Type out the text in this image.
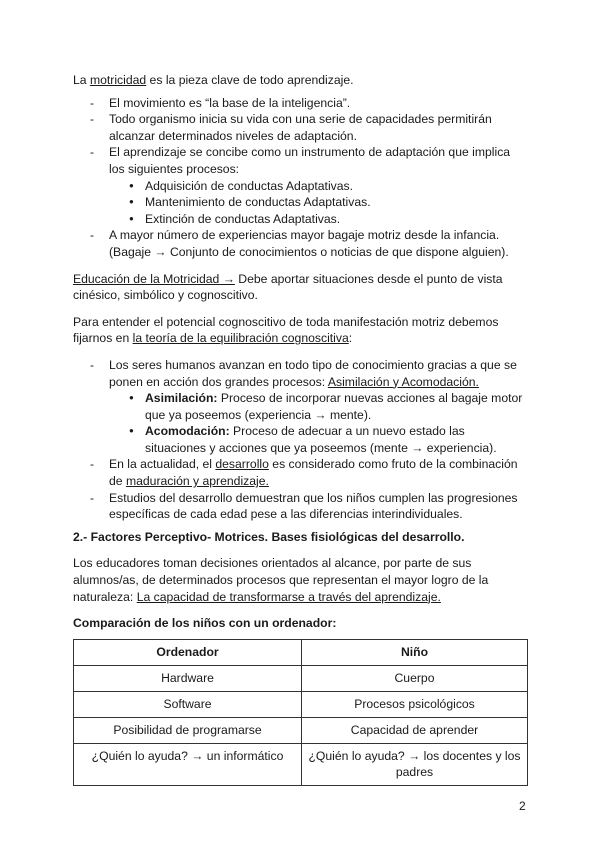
La motricidad es la pieza clave de todo aprendizaje.

- El movimiento es “la base de la inteligencia”.
- Todo organismo inicia su vida con una serie de capacidades permitirán alcanzar determinados niveles de adaptación.
- El aprendizaje se concibe como un instrumento de adaptación que implica los siguientes procesos:
● Adquisición de conductas Adaptativas.
● Mantenimiento de conductas Adaptativas.
● Extinción de conductas Adaptativas.
- A mayor número de experiencias mayor bagaje motriz desde la infancia. (Bagaje → Conjunto de conocimientos o noticias de que dispone alguien).

Educación de la Motricidad → Debe aportar situaciones desde el punto de vista cinésico, simbólico y cognoscitivo.

Para entender el potencial cognoscitivo de toda manifestación motriz debemos fijarnos en la teoría de la equilibración cognoscitiva:

- Los seres humanos avanzan en todo tipo de conocimiento gracias a que se ponen en acción dos grandes procesos: Asimilación y Acomodación.
● Asimilación: Proceso de incorporar nuevas acciones al bagaje motor que ya poseemos (experiencia → mente).
● Acomodación: Proceso de adecuar a un nuevo estado las situaciones y acciones que ya poseemos (mente → experiencia).
- En la actualidad, el desarrollo es considerado como fruto de la combinación de maduración y aprendizaje.
- Estudios del desarrollo demuestran que los niños cumplen las progresiones específicas de cada edad pese a las diferencias interindividuales.
2.- Factores Perceptivo- Motrices. Bases fisiológicas del desarrollo.

Los educadores toman decisiones orientados al alcance, por parte de sus alumnos/as, de determinados procesos que representan el mayor logro de la naturaleza: La capacidad de transformarse a través del aprendizaje.

Comparación de los niños con un ordenador:
Ordenador	Niño
Hardware	Cuerpo
Software	Procesos psicológicos
Posibilidad de programarse	Capacidad de aprender
¿Quién lo ayuda? → un informático	¿Quién lo ayuda? → los docentes y los padres
2
